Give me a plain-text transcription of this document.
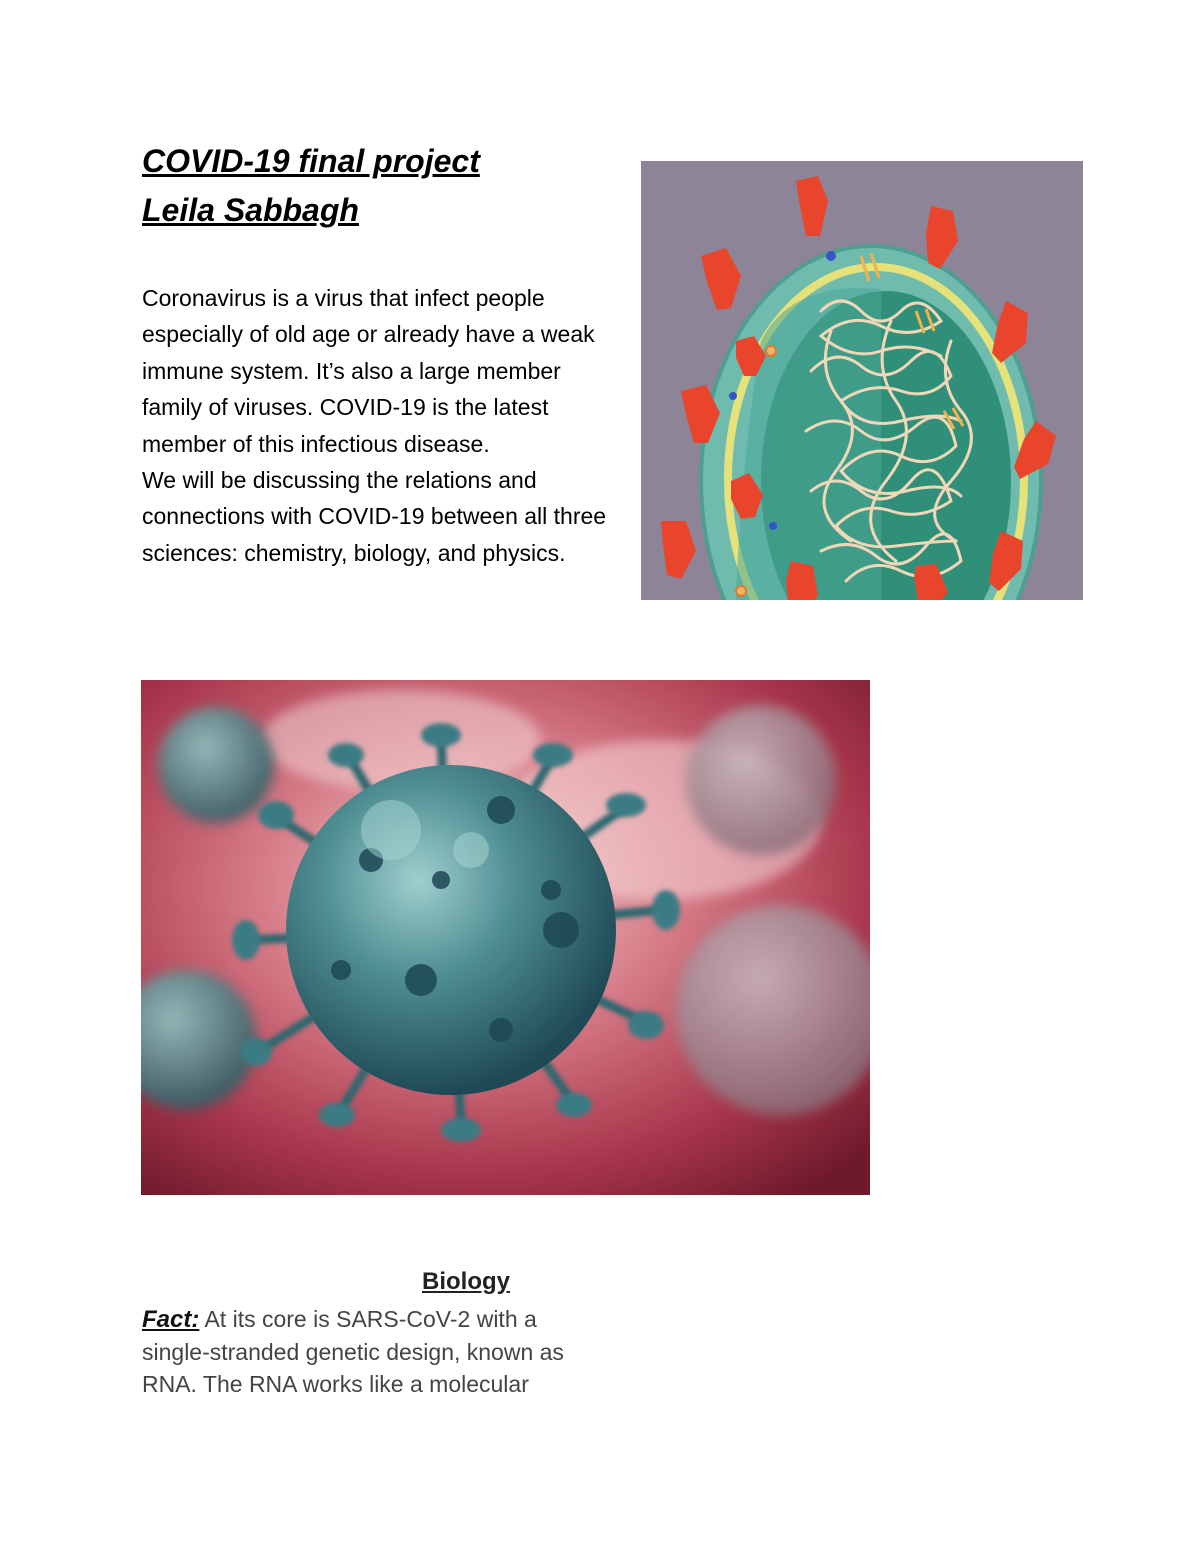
COVID-19 final project
Leila Sabbagh

Coronavirus is a virus that infect people especially of old age or already have a weak immune system. It’s also a large member family of viruses. COVID-19 is the latest member of this infectious disease.

We will be discussing the relations and connections with COVID-19 between all three sciences: chemistry, biology, and physics.

Biology
Fact: At its core is SARS-CoV-2 with a single-stranded genetic design, known as RNA. The RNA works like a molecular
